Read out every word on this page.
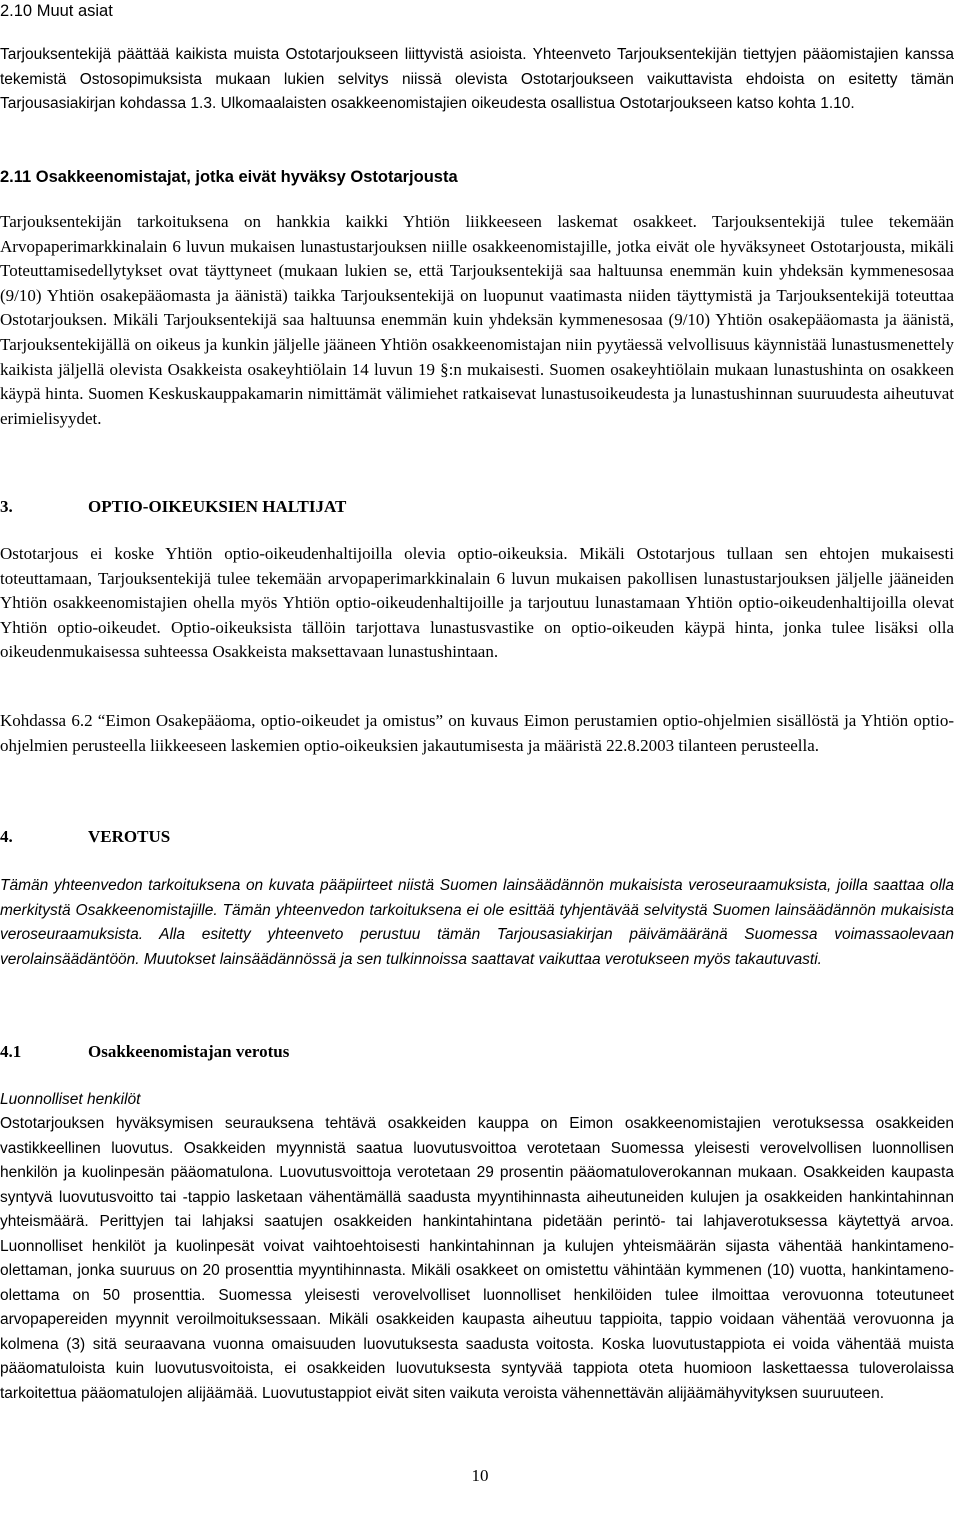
2.10 Muut asiat

Tarjouksentekijä päättää kaikista muista Ostotarjoukseen liittyvistä asioista. Yhteenveto Tarjouksentekijän tiettyjen pääomistajien kanssa tekemistä Ostosopimuksista mukaan lukien selvitys niissä olevista Ostotarjoukseen vaikuttavista ehdoista on esitetty tämän Tarjousasiakirjan kohdassa 1.3. Ulkomaalaisten osakkeenomistajien oikeudesta osallistua Ostotarjoukseen katso kohta 1.10.

2.11 Osakkeenomistajat, jotka eivät hyväksy Ostotarjousta

Tarjouksentekijän tarkoituksena on hankkia kaikki Yhtiön liikkeeseen laskemat osakkeet. Tarjouksentekijä tulee tekemään Arvopaperimarkkinalain 6 luvun mukaisen lunastustarjouksen niille osakkeenomistajille, jotka eivät ole hyväksyneet Ostotarjousta, mikäli Toteuttamisedellytykset ovat täyttyneet (mukaan lukien se, että Tarjouksentekijä saa haltuunsa enemmän kuin yhdeksän kymmenesosaa (9/10) Yhtiön osakepääomasta ja äänistä) taikka Tarjouksentekijä on luopunut vaatimasta niiden täyttymistä ja Tarjouksentekijä toteuttaa Ostotarjouksen. Mikäli Tarjouksentekijä saa haltuunsa enemmän kuin yhdeksän kymmenesosaa (9/10) Yhtiön osakepääomasta ja äänistä, Tarjouksentekijällä on oikeus ja kunkin jäljelle jääneen Yhtiön osakkeenomistajan niin pyytäessä velvollisuus käynnistää lunastusmenettely kaikista jäljellä olevista Osakkeista osakeyhtiölain 14 luvun 19 §:n mukaisesti. Suomen osakeyhtiölain mukaan lunastushinta on osakkeen käypä hinta. Suomen Keskuskauppakamarin nimittämät välimiehet ratkaisevat lunastusoikeudesta ja lunastushinnan suuruudesta aiheutuvat erimielisyydet.

3.	OPTIO-OIKEUKSIEN HALTIJAT

Ostotarjous ei koske Yhtiön optio-oikeudenhaltijoilla olevia optio-oikeuksia. Mikäli Ostotarjous tullaan sen ehtojen mukaisesti toteuttamaan, Tarjouksentekijä tulee tekemään arvopaperimarkkinalain 6 luvun mukaisen pakollisen lunastustarjouksen jäljelle jääneiden Yhtiön osakkeenomistajien ohella myös Yhtiön optio-oikeudenhaltijoille ja tarjoutuu lunastamaan Yhtiön optio-oikeudenhaltijoilla olevat Yhtiön optio-oikeudet. Optio-oikeuksista tällöin tarjottava lunastusvastike on optio-oikeuden käypä hinta, jonka tulee lisäksi olla oikeudenmukaisessa suhteessa Osakkeista maksettavaan lunastushintaan.

Kohdassa 6.2 “Eimon Osakepääoma, optio-oikeudet ja omistus” on kuvaus Eimon perustamien optio-ohjelmien sisällöstä ja Yhtiön optio-ohjelmien perusteella liikkeeseen laskemien optio-oikeuksien jakautumisesta ja määristä 22.8.2003 tilanteen perusteella.

4.	VEROTUS

Tämän yhteenvedon tarkoituksena on kuvata pääpiirteet niistä Suomen lainsäädännön mukaisista veroseuraamuksista, joilla saattaa olla merkitystä Osakkeenomistajille. Tämän yhteenvedon tarkoituksena ei ole esittää tyhjentävää selvitystä Suomen lainsäädännön mukaisista veroseuraamuksista. Alla esitetty yhteenveto perustuu tämän Tarjousasiakirjan päivämääränä Suomessa voimassaolevaan verolainsäädäntöön. Muutokset lainsäädännössä ja sen tulkinnoissa saattavat vaikuttaa verotukseen myös takautuvasti.

4.1	Osakkeenomistajan verotus
Luonnolliset henkilöt

Ostotarjouksen hyväksymisen seurauksena tehtävä osakkeiden kauppa on Eimon osakkeenomistajien verotuksessa osakkeiden vastikkeellinen luovutus. Osakkeiden myynnistä saatua luovutusvoittoa verotetaan Suomessa yleisesti verovelvollisen luonnollisen henkilön ja kuolinpesän pääomatulona. Luovutusvoittoja verotetaan 29 prosentin pääomatuloverokannan mukaan. Osakkeiden kaupasta syntyvä luovutusvoitto tai -tappio lasketaan vähentämällä saadusta myyntihinnasta aiheutuneiden kulujen ja osakkeiden hankintahinnan yhteismäärä. Perittyjen tai lahjaksi saatujen osakkeiden hankintahintana pidetään perintö- tai lahjaverotuksessa käytettyä arvoa. Luonnolliset henkilöt ja kuolinpesät voivat vaihtoehtoisesti hankintahinnan ja kulujen yhteismäärän sijasta vähentää hankintameno-olettaman, jonka suuruus on 20 prosenttia myyntihinnasta. Mikäli osakkeet on omistettu vähintään kymmenen (10) vuotta, hankintameno-olettama on 50 prosenttia. Suomessa yleisesti verovelvolliset luonnolliset henkilöiden tulee ilmoittaa verovuonna toteutuneet arvopapereiden myynnit veroilmoituksessaan. Mikäli osakkeiden kaupasta aiheutuu tappioita, tappio voidaan vähentää verovuonna ja kolmena (3) sitä seuraavana vuonna omaisuuden luovutuksesta saadusta voitosta. Koska luovutustappiota ei voida vähentää muista pääomatuloista kuin luovutusvoitoista, ei osakkeiden luovutuksesta syntyvää tappiota oteta huomioon laskettaessa tuloverolaissa tarkoitettua pääomatulojen alijäämää. Luovutustappiot eivät siten vaikuta veroista vähennettävän alijäämähyvityksen suuruuteen.

10
